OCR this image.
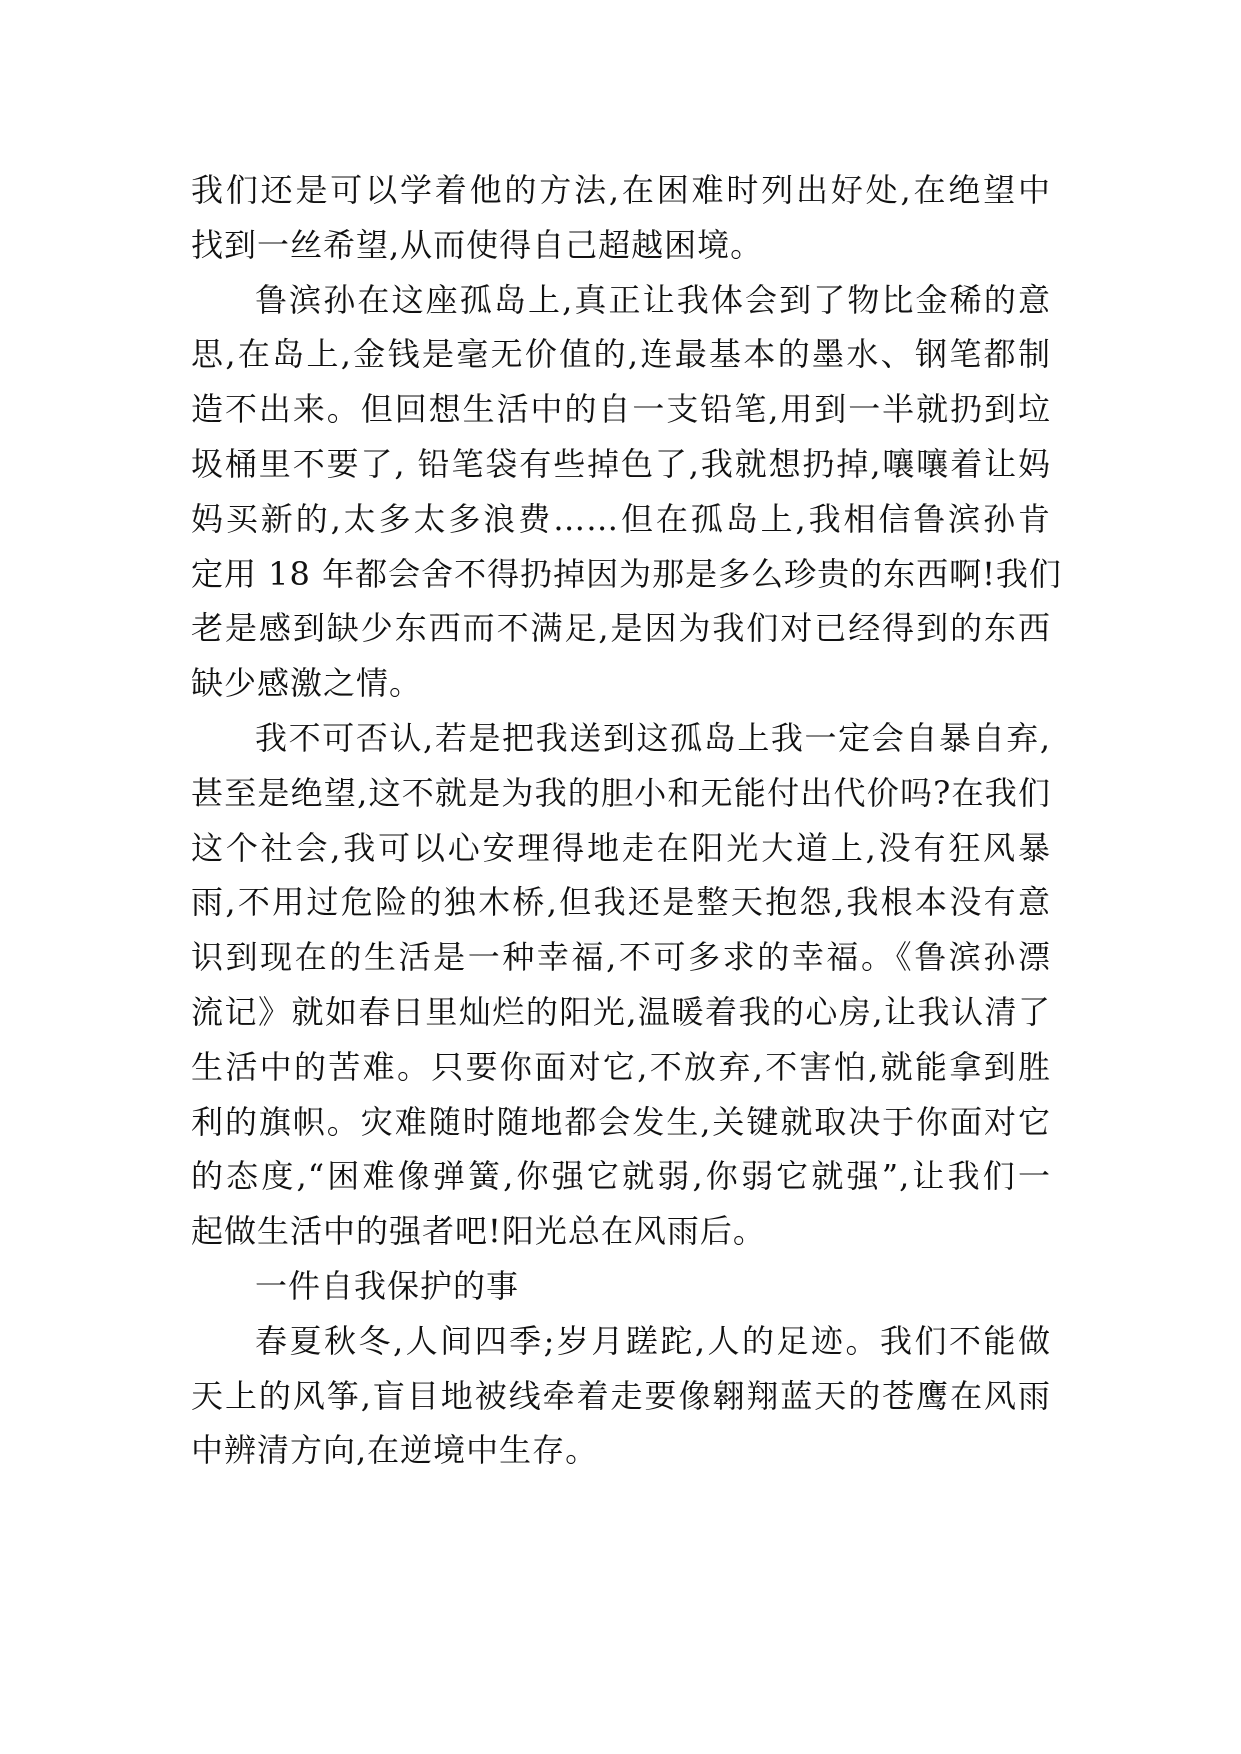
我们还是可以学着他的方法,在困难时列出好处,在绝望中
找到一丝希望,从而使得自己超越困境。
鲁滨孙在这座孤岛上,真正让我体会到了物比金稀的意
思,在岛上,金钱是毫无价值的,连最基本的墨水、钢笔都制
造不出来。但回想生活中的自一支铅笔,用到一半就扔到垃
圾桶里不要了, 铅笔袋有些掉色了,我就想扔掉,嚷嚷着让妈
妈买新的,太多太多浪费……但在孤岛上,我相信鲁滨孙肯
定用 18 年都会舍不得扔掉因为那是多么珍贵的东西啊!我们
老是感到缺少东西而不满足,是因为我们对已经得到的东西
缺少感激之情。
我不可否认,若是把我送到这孤岛上我一定会自暴自弃,
甚至是绝望,这不就是为我的胆小和无能付出代价吗?在我们
这个社会,我可以心安理得地走在阳光大道上,没有狂风暴
雨,不用过危险的独木桥,但我还是整天抱怨,我根本没有意
识到现在的生活是一种幸福,不可多求的幸福。《鲁滨孙漂
流记》就如春日里灿烂的阳光,温暖着我的心房,让我认清了
生活中的苦难。只要你面对它,不放弃,不害怕,就能拿到胜
利的旗帜。灾难随时随地都会发生,关键就取决于你面对它
的态度,“困难像弹簧,你强它就弱,你弱它就强”,让我们一
起做生活中的强者吧!阳光总在风雨后。
一件自我保护的事
春夏秋冬,人间四季;岁月蹉跎,人的足迹。我们不能做
天上的风筝,盲目地被线牵着走要像翱翔蓝天的苍鹰在风雨
中辨清方向,在逆境中生存。
